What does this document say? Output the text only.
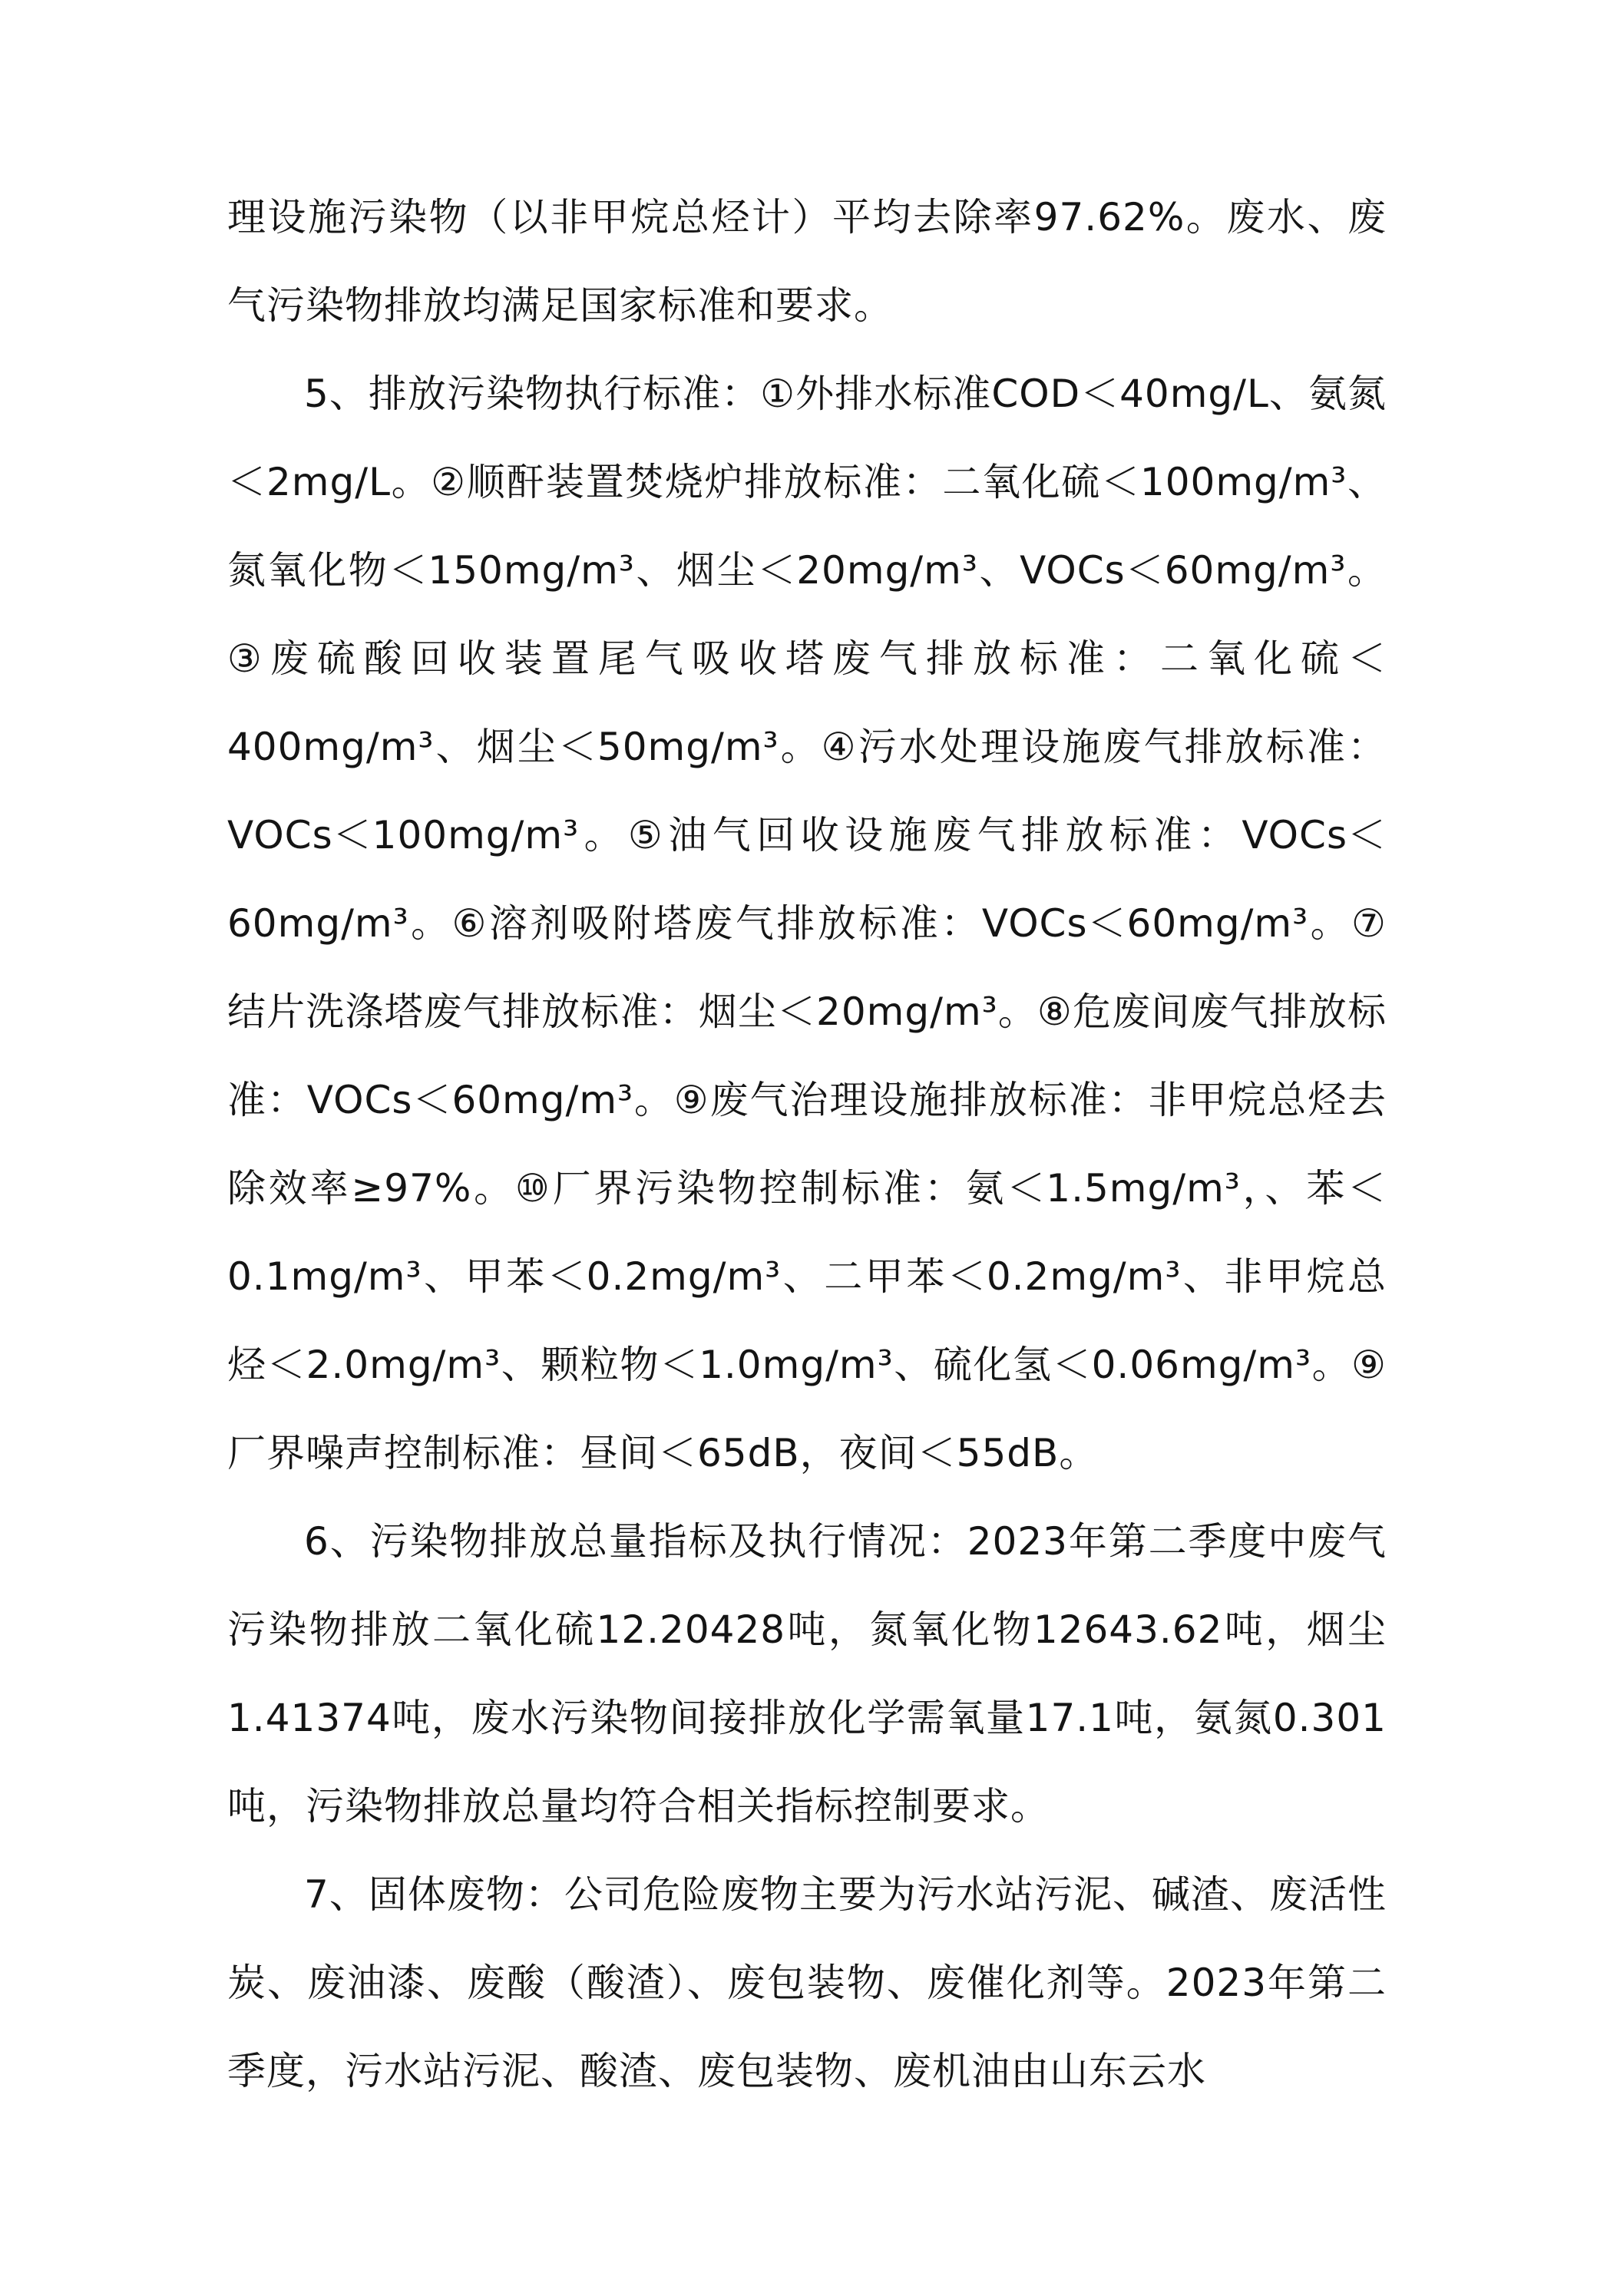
理设施污染物（以非甲烷总烃计）平均去除率97.62%。废水、废气污染物排放均满足国家标准和要求。

5、排放污染物执行标准：①外排水标准COD＜40mg/L、氨氮＜2mg/L。②顺酐装置焚烧炉排放标准：二氧化硫＜100mg/m³、氮氧化物＜150mg/m³、烟尘＜20mg/m³、VOCs＜60mg/m³。③废硫酸回收装置尾气吸收塔废气排放标准：二氧化硫＜400mg/m³、烟尘＜50mg/m³。④污水处理设施废气排放标准：VOCs＜100mg/m³。⑤油气回收设施废气排放标准：VOCs＜60mg/m³。⑥溶剂吸附塔废气排放标准：VOCs＜60mg/m³。⑦结片洗涤塔废气排放标准：烟尘＜20mg/m³。⑧危废间废气排放标准：VOCs＜60mg/m³。⑨废气治理设施排放标准：非甲烷总烃去除效率≥97%。⑩厂界污染物控制标准：氨＜1.5mg/m³，、苯＜0.1mg/m³、甲苯＜0.2mg/m³、二甲苯＜0.2mg/m³、非甲烷总烃＜2.0mg/m³、颗粒物＜1.0mg/m³、硫化氢＜0.06mg/m³。⑨厂界噪声控制标准：昼间＜65dB，夜间＜55dB。

6、污染物排放总量指标及执行情况：2023年第二季度中废气污染物排放二氧化硫12.20428吨，氮氧化物12643.62吨，烟尘1.41374吨，废水污染物间接排放化学需氧量17.1吨，氨氮0.301吨，污染物排放总量均符合相关指标控制要求。

7、固体废物：公司危险废物主要为污水站污泥、碱渣、废活性炭、废油漆、废酸（酸渣）、废包装物、废催化剂等。2023年第二季度，污水站污泥、酸渣、废包装物、废机油由山东云水
